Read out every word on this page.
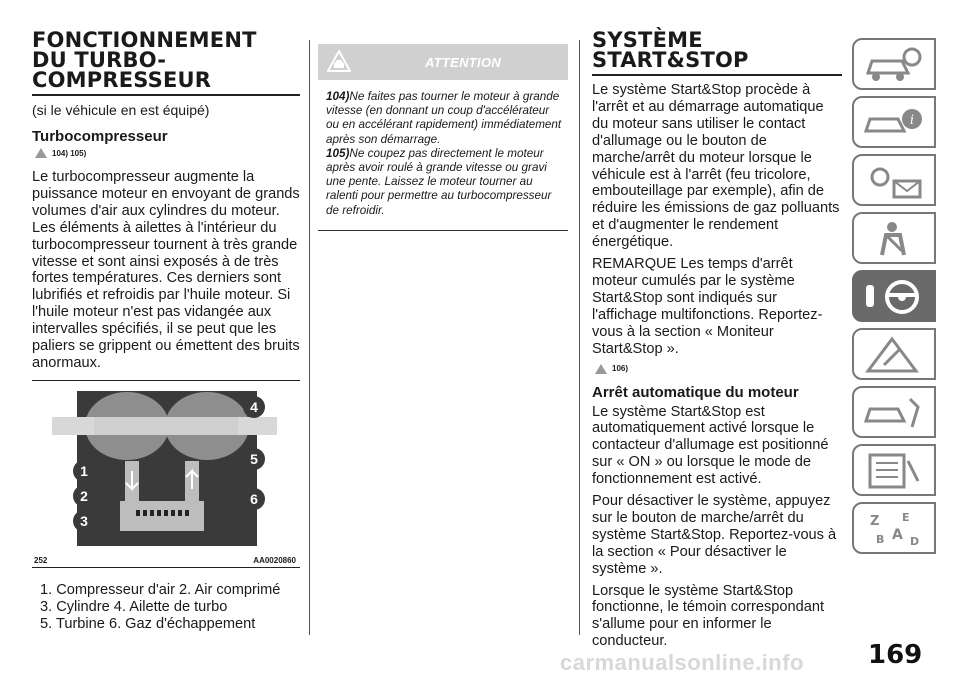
FONCTIONNEMENT
DU TURBO-
COMPRESSEUR
(si le véhicule en est équipé)
Turbocompresseur
104) 105)

Le turbocompresseur augmente la puissance moteur en envoyant de grands volumes d'air aux cylindres du moteur. Les éléments à ailettes à l'intérieur du turbocompresseur tournent à très grande vitesse et sont ainsi exposés à de très fortes températures. Ces derniers sont lubrifiés et refroidis par l'huile moteur. Si l'huile moteur n'est pas vidangée aux intervalles spécifiés, il se peut que les paliers se grippent ou émettent des bruits anormaux.

1
2
3
4
5
6
252	AA0020860
1. Compresseur d'air 2. Air comprimé
3. Cylindre 4. Ailette de turbo
5. Turbine 6. Gaz d'échappement
ATTENTION

104)Ne faites pas tourner le moteur à grande vitesse (en donnant un coup d'accélérateur ou en accélérant rapidement) immédiatement après son démarrage.

105)Ne coupez pas directement le moteur après avoir roulé à grande vitesse ou gravi une pente. Laissez le moteur tourner au ralenti pour permettre au turbocompresseur de refroidir.

SYSTÈME
START&STOP

Le système Start&Stop procède à l'arrêt et au démarrage automatique du moteur sans utiliser le contact d'allumage ou le bouton de marche/arrêt du moteur lorsque le véhicule est à l'arrêt (feu tricolore, embouteillage par exemple), afin de réduire les émissions de gaz polluants et d'augmenter le rendement énergétique.

REMARQUE Les temps d'arrêt moteur cumulés par le système Start&Stop sont indiqués sur l'affichage multifonctions. Reportez-vous à la section « Moniteur Start&Stop ».

106)
Arrêt automatique du moteur

Le système Start&Stop est automatiquement activé lorsque le contacteur d'allumage est positionné sur « ON » ou lorsque le mode de fonctionnement est activé.

Pour désactiver le système, appuyez sur le bouton de marche/arrêt du système Start&Stop. Reportez-vous à la section « Pour désactiver le système ».

Lorsque le système Start&Stop fonctionne, le témoin correspondant s'allume pour en informer le conducteur.

i
Z E
B A D
169
carmanualsonline.info
